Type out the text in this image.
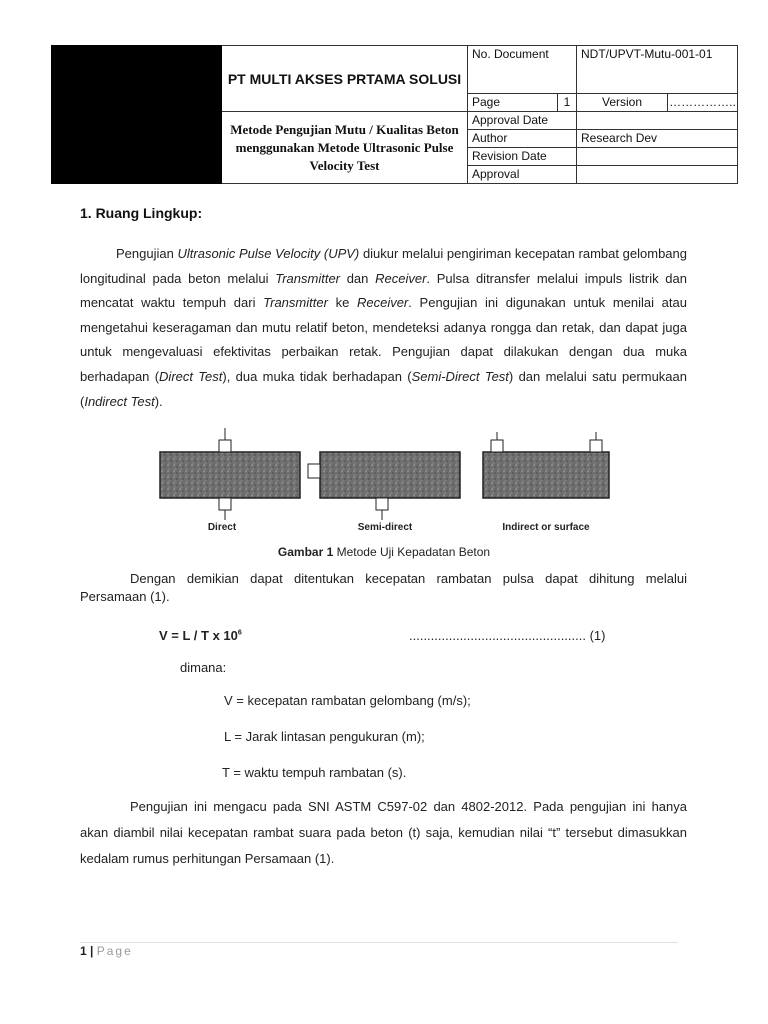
	PT MULTI AKSES PRTAMA SOLUSI	No. Document		NDT/UPVT-Mutu-001-01
		Page	1	Version ……………..

	Metode Pengujian Mutu / Kualitas Beton menggunakan Metode Ultrasonic Pulse Velocity Test	Approval Date		
		Author		Research Dev
		Revision Date		
		Approval		
1. Ruang Lingkup:

Pengujian Ultrasonic Pulse Velocity (UPV) diukur melalui pengiriman kecepatan rambat gelombang longitudinal pada beton melalui Transmitter dan Receiver. Pulsa ditransfer melalui impuls listrik dan mencatat waktu tempuh dari Transmitter ke Receiver. Pengujian ini digunakan untuk menilai atau mengetahui keseragaman dan mutu relatif beton, mendeteksi adanya rongga dan retak, dan dapat juga untuk mengevaluasi efektivitas perbaikan retak. Pengujian dapat dilakukan dengan dua muka berhadapan (Direct Test), dua muka tidak berhadapan (Semi-Direct Test) dan melalui satu permukaan (Indirect Test).

Direct	Semi-direct	Indirect or surface
Gambar 1 Metode Uji Kepadatan Beton

Dengan demikian dapat ditentukan kecepatan rambatan pulsa dapat dihitung melalui Persamaan (1).

V = L / T x $10^6$	................................................. (1)
dimana:
V = kecepatan rambatan gelombang (m/s);
L = Jarak lintasan pengukuran (m);
T = waktu tempuh rambatan (s).

Pengujian ini mengacu pada SNI ASTM C597-02 dan 4802-2012. Pada pengujian ini hanya akan diambil nilai kecepatan rambat suara pada beton (t) saja, kemudian nilai “t” tersebut dimasukkan kedalam rumus perhitungan Persamaan (1).

1 | Page
